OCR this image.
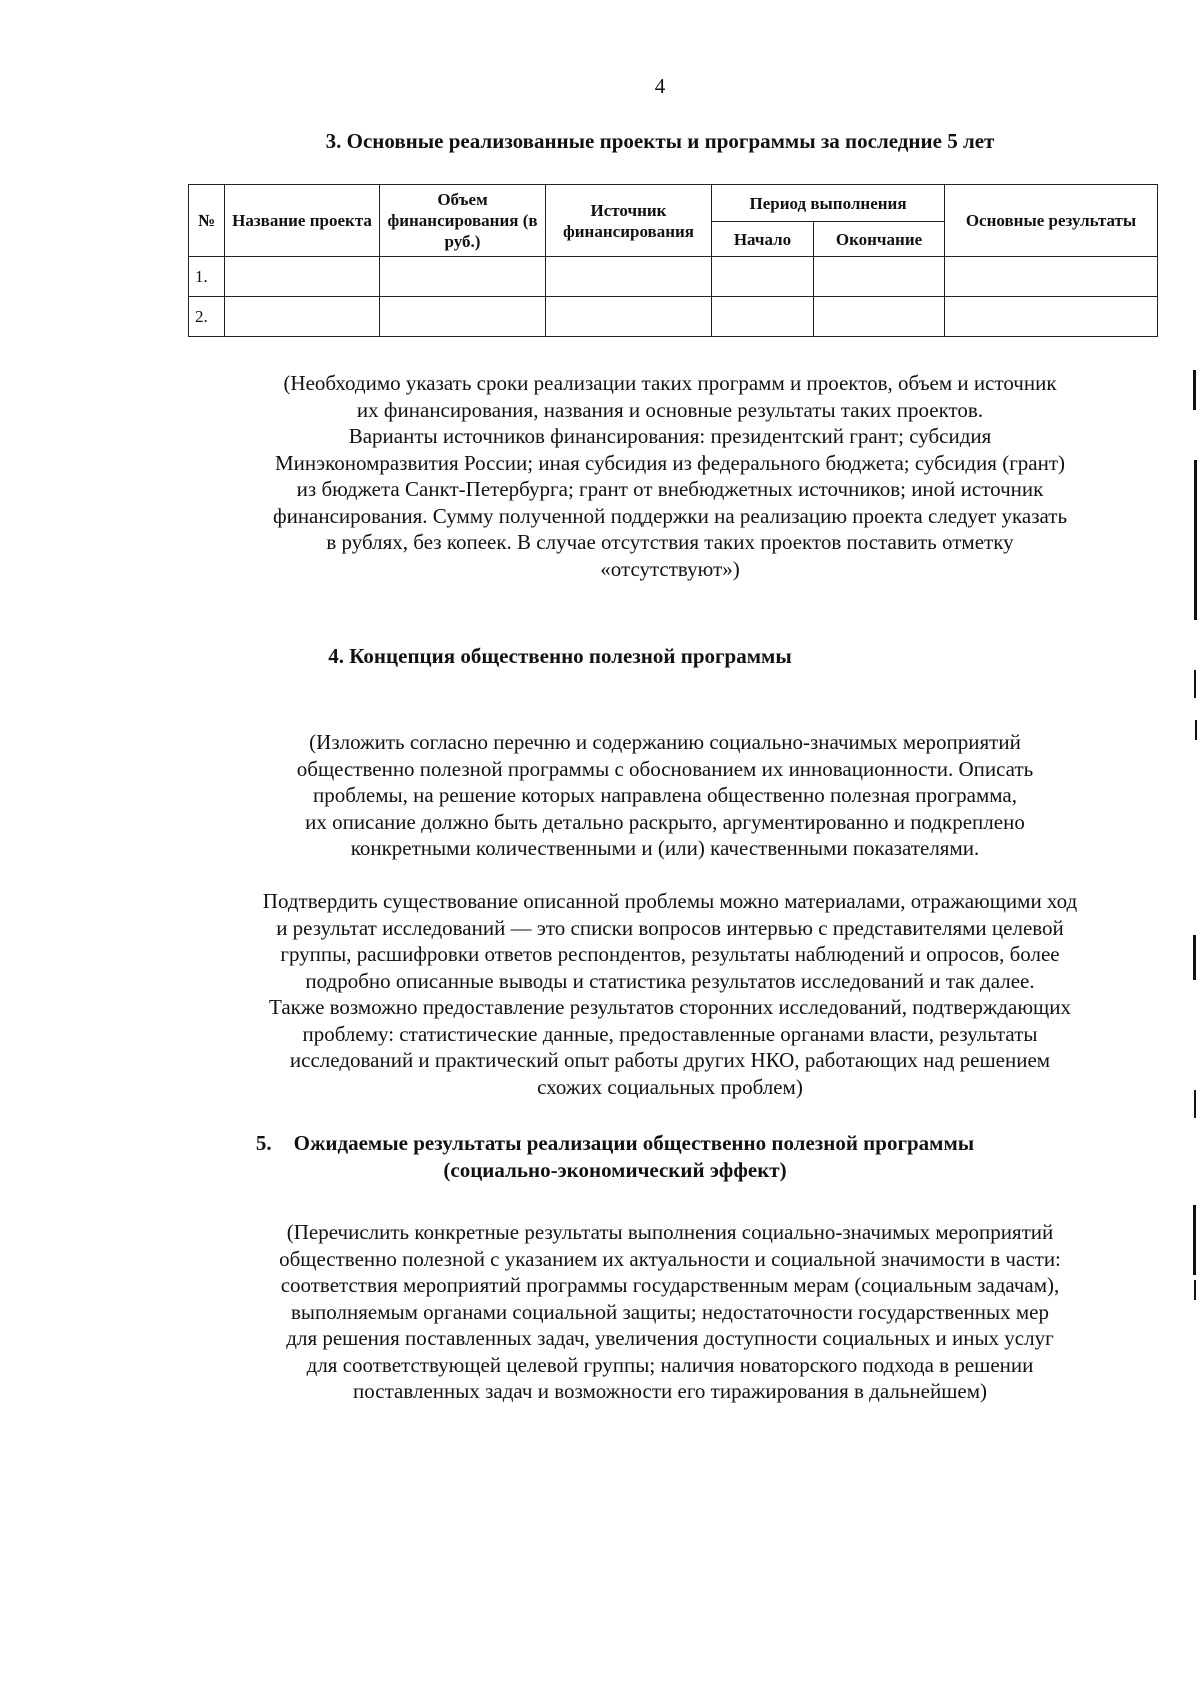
4
3. Основные реализованные проекты и программы за последние 5 лет
№	Название проекта	Объем финансирования (в руб.)	Источник финансирования	Период выполнения		Основные результаты
				Начало	Окончание	
1.						
2.						
(Необходимо указать сроки реализации таких программ и проектов, объем и источник
их финансирования, названия и основные результаты таких проектов.
Варианты источников финансирования: президентский грант; субсидия
Минэкономразвития России; иная субсидия из федерального бюджета; субсидия (грант)
из бюджета Санкт-Петербурга; грант от внебюджетных источников; иной источник
финансирования. Сумму полученной поддержки на реализацию проекта следует указать
в рублях, без копеек. В случае отсутствия таких проектов поставить отметку
«отсутствуют»)
4. Концепция общественно полезной программы
(Изложить согласно перечню и содержанию социально-значимых мероприятий
общественно полезной программы с обоснованием их инновационности. Описать
проблемы, на решение которых направлена общественно полезная программа,
их описание должно быть детально раскрыто, аргументированно и подкреплено
конкретными количественными и (или) качественными показателями.
Подтвердить существование описанной проблемы можно материалами, отражающими ход
и результат исследований — это списки вопросов интервью с представителями целевой
группы, расшифровки ответов респондентов, результаты наблюдений и опросов, более
подробно описанные выводы и статистика результатов исследований и так далее.
Также возможно предоставление результатов сторонних исследований, подтверждающих
проблему: статистические данные, предоставленные органами власти, результаты
исследований и практический опыт работы других НКО, работающих над решением
схожих социальных проблем)
5. Ожидаемые результаты реализации общественно полезной программы
(социально-экономический эффект)
(Перечислить конкретные результаты выполнения социально-значимых мероприятий
общественно полезной с указанием их актуальности и социальной значимости в части:
соответствия мероприятий программы государственным мерам (социальным задачам),
выполняемым органами социальной защиты; недостаточности государственных мер
для решения поставленных задач, увеличения доступности социальных и иных услуг
для соответствующей целевой группы; наличия новаторского подхода в решении
поставленных задач и возможности его тиражирования в дальнейшем)
